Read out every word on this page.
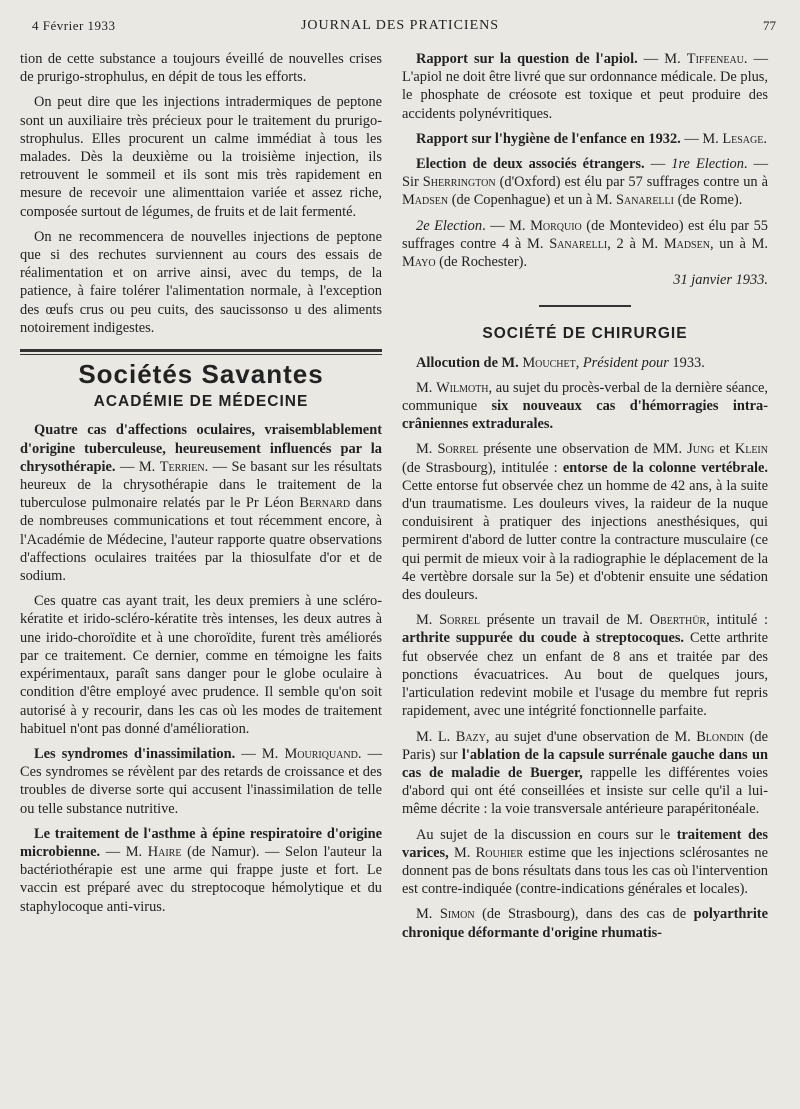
4 Février 1933	JOURNAL DES PRATICIENS	77

tion de cette substance a toujours éveillé de nouvelles crises de prurigo-strophulus, en dépit de tous les efforts.

On peut dire que les injections intradermiques de peptone sont un auxiliaire très précieux pour le traitement du prurigo-strophulus. Elles procurent un calme immédiat à tous les malades. Dès la deuxième ou la troisième injection, ils retrouvent le sommeil et ils sont mis très rapidement en mesure de recevoir une alimenttaion variée et assez riche, composée surtout de légumes, de fruits et de lait fermenté.

On ne recommencera de nouvelles injections de peptone que si des rechutes surviennent au cours des essais de réalimentation et on arrive ainsi, avec du temps, de la patience, à faire tolérer l'alimentation normale, à l'exception des œufs crus ou peu cuits, des saucissonso u des aliments notoirement indigestes.

Sociétés Savantes

ACADÉMIE DE MÉDECINE

Quatre cas d'affections oculaires, vraisemblablement d'origine tuberculeuse, heureusement influencés par la chrysothérapie. — M. Terrien. — Se basant sur les résultats heureux de la chrysothérapie dans le traitement de la tuberculose pulmonaire relatés par le Pr Léon Bernard dans de nombreuses communications et tout récemment encore, à l'Académie de Médecine, l'auteur rapporte quatre observations d'affections oculaires traitées par la thiosulfate d'or et de sodium.

Ces quatre cas ayant trait, les deux premiers à une scléro-kératite et irido-scléro-kératite très intenses, les deux autres à une irido-choroïdite et à une choroïdite, furent très améliorés par ce traitement. Ce dernier, comme en témoigne les faits expérimentaux, paraît sans danger pour le globe oculaire à condition d'être employé avec prudence. Il semble qu'on soit autorisé à y recourir, dans les cas où les modes de traitement habituel n'ont pas donné d'amélioration.

Les syndromes d'inassimilation. — M. Mouriquand. — Ces syndromes se révèlent par des retards de croissance et des troubles de diverse sorte qui accusent l'inassimilation de telle ou telle substance nutritive.

Le traitement de l'asthme à épine respiratoire d'origine microbienne. — M. Haire (de Namur). — Selon l'auteur la bactériothérapie est une arme qui frappe juste et fort. Le vaccin est préparé avec du streptocoque hémolytique et du staphylocoque anti-virus.

Rapport sur la question de l'apiol. — M. Tiffeneau. — L'apiol ne doit être livré que sur ordonnance médicale. De plus, le phosphate de créosote est toxique et peut produire des accidents polynévritiques.

Rapport sur l'hygiène de l'enfance en 1932. — M. Lesage.

Election de deux associés étrangers. — 1re Election. — Sir Sherrington (d'Oxford) est élu par 57 suffrages contre un à Madsen (de Copenhague) et un à M. Sanarelli (de Rome).

2e Election. — M. Morquio (de Montevideo) est élu par 55 suffrages contre 4 à M. Sanarelli, 2 à M. Madsen, un à M. Mayo (de Rochester).

31 janvier 1933.

SOCIÉTÉ DE CHIRURGIE

Allocution de M. Mouchet, Président pour 1933.

M. Wilmoth, au sujet du procès-verbal de la dernière séance, communique six nouveaux cas d'hémorragies intra-crâniennes extradurales.

M. Sorrel présente une observation de MM. Jung et Klein (de Strasbourg), intitulée : entorse de la colonne vertébrale. Cette entorse fut observée chez un homme de 42 ans, à la suite d'un traumatisme. Les douleurs vives, la raideur de la nuque conduisirent à pratiquer des injections anesthésiques, qui permirent d'abord de lutter contre la contracture musculaire (ce qui permit de mieux voir à la radiographie le déplacement de la 4e vertèbre dorsale sur la 5e) et d'obtenir ensuite une sédation des douleurs.

M. Sorrel présente un travail de M. Oberthür, intitulé : arthrite suppurée du coude à streptocoques. Cette arthrite fut observée chez un enfant de 8 ans et traitée par des ponctions évacuatrices. Au bout de quelques jours, l'articulation redevint mobile et l'usage du membre fut repris rapidement, avec une intégrité fonctionnelle parfaite.

M. L. Bazy, au sujet d'une observation de M. Blondin (de Paris) sur l'ablation de la capsule surrénale gauche dans un cas de maladie de Buerger, rappelle les différentes voies d'abord qui ont été conseillées et insiste sur celle qu'il a lui-même décrite : la voie transversale antérieure parapéritonéale.

Au sujet de la discussion en cours sur le traitement des varices, M. Rouhier estime que les injections sclérosantes ne donnent pas de bons résultats dans tous les cas où l'intervention est contre-indiquée (contre-indications générales et locales).

M. Simon (de Strasbourg), dans des cas de polyarthrite chronique déformante d'origine rhumatis-
